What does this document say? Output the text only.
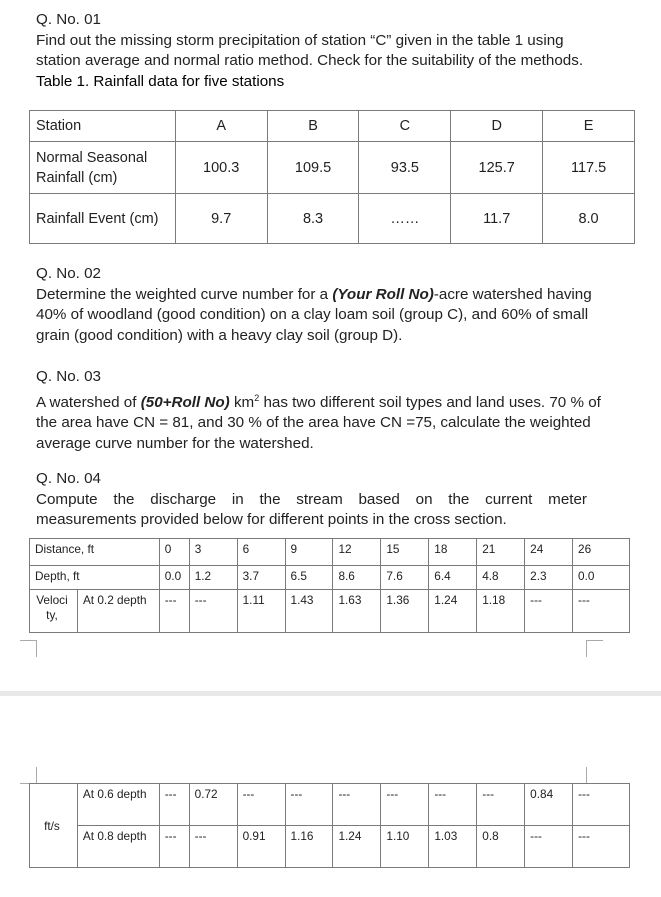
Q. No. 01
Find out the missing storm precipitation of station “C” given in the table 1 using station average and normal ratio method. Check for the suitability of the methods.
Table 1. Rainfall data for five stations
Station	A	B	C	D	E
Normal Seasonal Rainfall (cm)	100.3	109.5	93.5	125.7	117.5
Rainfall Event (cm)	9.7	8.3	……	11.7	8.0
Q. No. 02
Determine the weighted curve number for a (Your Roll No)-acre watershed having 40% of woodland (good condition) on a clay loam soil (group C), and 60% of small grain (good condition) with a heavy clay soil (group D).
Q. No. 03
A watershed of (50+Roll No) $km^2$ has two different soil types and land uses. 70 % of the area have CN = 81, and 30 % of the area have CN =75, calculate the weighted average curve number for the watershed.
Q. No. 04
Compute the discharge in the stream based on the current meter
measurements provided below for different points in the cross section.
Distance, ft		0	3	6	9	12	15	18	21	24	26
Depth, ft		0.0	1.2	3.7	6.5	8.6	7.6	6.4	4.8	2.3	0.0
Veloci
ty,	At 0.2 depth	---	---	1.11	1.43	1.63	1.36	1.24	1.18	---	---
ft/s	At 0.6 depth	---	0.72	---	---	---	---	---	---	0.84	---
	At 0.8 depth	---	---	0.91	1.16	1.24	1.10	1.03	0.8	---	---
